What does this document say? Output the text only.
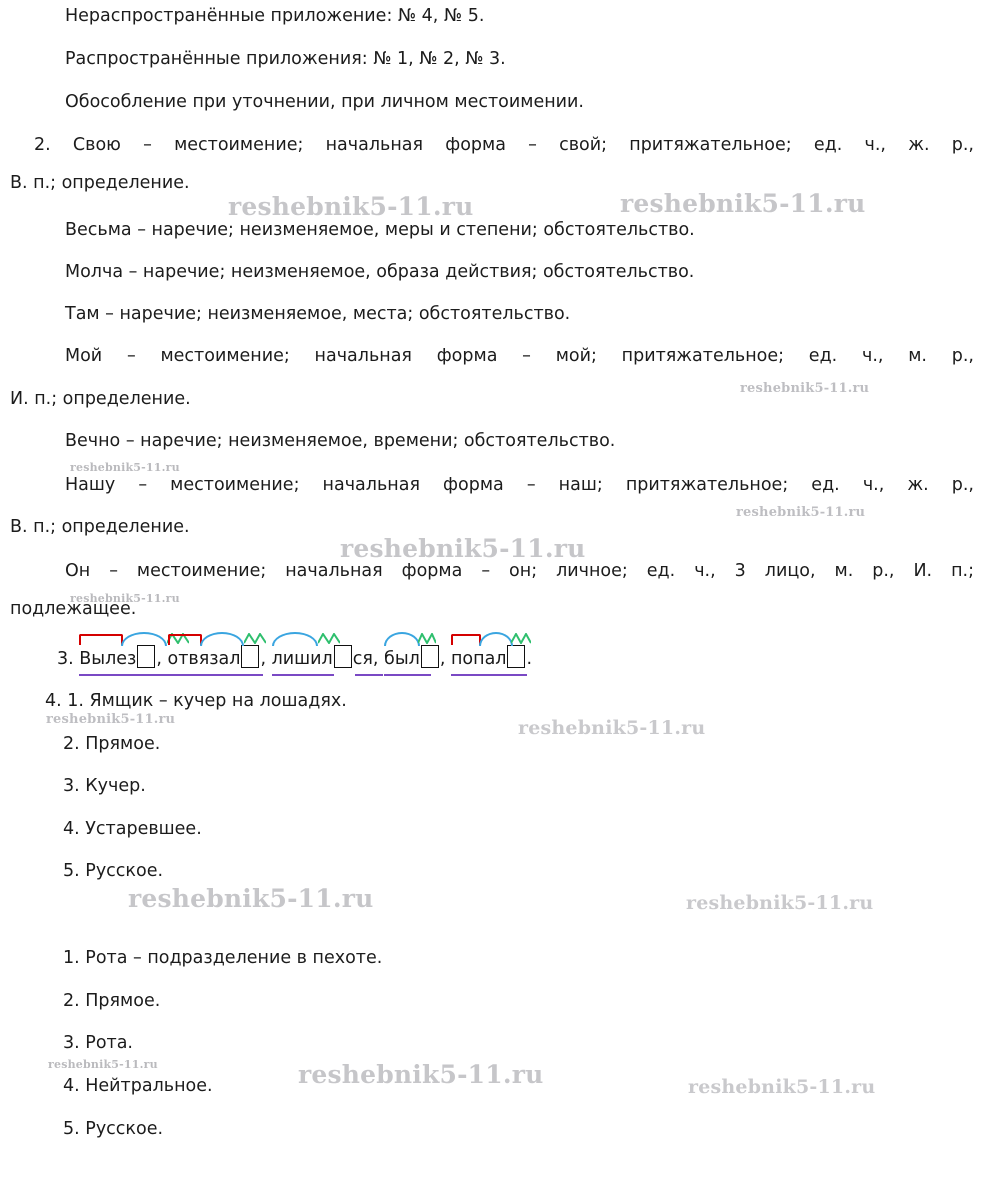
reshebnik5-11.ru	reshebnik5-11.ru
reshebnik5-11.ru
reshebnik5-11.ru
reshebnik5-11.ru
reshebnik5-11.ru
reshebnik5-11.ru
reshebnik5-11.ru	reshebnik5-11.ru
reshebnik5-11.ru	reshebnik5-11.ru
reshebnik5-11.ru	reshebnik5-11.ru	reshebnik5-11.ru
Нераспространённые приложение: № 4, № 5.
Распространённые приложения: № 1, № 2, № 3.
Обособление при уточнении, при личном местоимении.
2. Свою – местоимение; начальная форма – свой; притяжательное; ед. ч., ж. р.,
В. п.; определение.
Весьма – наречие; неизменяемое, меры и степени; обстоятельство.
Молча – наречие; неизменяемое, образа действия; обстоятельство.
Там – наречие; неизменяемое, места; обстоятельство.
Мой – местоимение; начальная форма – мой; притяжательное; ед. ч., м. р.,
И. п.; определение.
Вечно – наречие; неизменяемое, времени; обстоятельство.
Нашу – местоимение; начальная форма – наш; притяжательное; ед. ч., ж. р.,
В. п.; определение.
Он – местоимение; начальная форма – он; личное; ед. ч., 3 лицо, м. р., И. п.;
подлежащее.
3.
Вылез ,
отвязал ,
лишил ся,
был ,
попал .
4. 1. Ямщик – кучер на лошадях.
2. Прямое.
3. Кучер.
4. Устаревшее.
5. Русское.
1. Рота – подразделение в пехоте.
2. Прямое.
3. Рота.
4. Нейтральное.
5. Русское.
